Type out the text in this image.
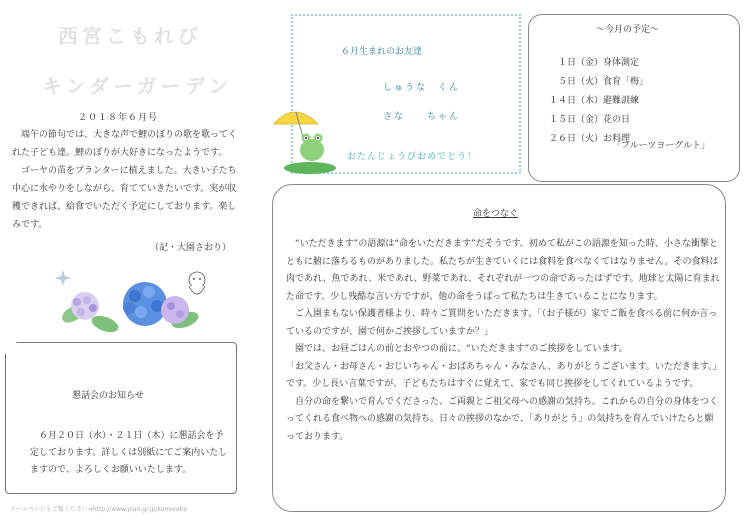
西宮こもれび
キンダーガーデン
２０１８年６月号

端午の節句では、大きな声で鯉のぼりの歌を歌ってくれた子ども達。鯉のぼりが大好きになったようです。

ゴーヤの苗をプランターに植えました。大きい子たち中心に水やりをしながら、育てていきたいです。実が収穫できれば、給食でいただく予定にしております。楽しみです。

（記・大園さおり）
懇話会のお知らせ

６月２０日（水）・２１日（木）に懇話会を予定しております。詳しくは別紙にてご案内いたしますので、よろしくお願いいたします。

ホームページもご覧ください⇒http://www.plan.gr.jp/komorebi/
６月生まれのお友達
しゅうな　くん
さな　　ちゃん
おたんじょうびおめでとう！
～今月の予定～
１日（金）身体測定
５日（火）食育「梅」
１４日（木）避難訓練
１５日（金）花の日
２６日（火）お料理
「フルーツヨーグルト」
命をつなぐ

“いただきます”の語源は“命をいただきます”だそうです。初めて私がこの語源を知った時、小さな衝撃とともに腑に落ちるものがありました。私たちが生きていくには食料を食べなくてはなりません。その食料は肉であれ、魚であれ、米であれ、野菜であれ、それぞれが一つの命であったはずです。地球と太陽に育まれた命です。少し残酷な言い方ですが、他の命をうばって私たちは生きていることになります。

ご入園まもない保護者様より、時々ご質問をいただきます。「（お子様が）家でご飯を食べる前に何か言っているのですが、園で何かご挨拶していますか？」

園では、お昼ごはんの前とおやつの前に、“いただきます”のご挨拶をしています。

「お父さん・お母さん・おじいちゃん・おばあちゃん・みなさん、ありがとうございます。いただきます。」です。少し長い言葉ですが、子どもたちはすぐに覚えて、家でも同じ挨拶をしてくれているようです。

自分の命を繋いで育んでくださった、ご両親とご祖父母への感謝の気持ち。これからの自分の身体をつくってくれる食べ物への感謝の気持ち。日々の挨拶のなかで、「ありがとう」の気持ちを育んでいけたらと願っております。
